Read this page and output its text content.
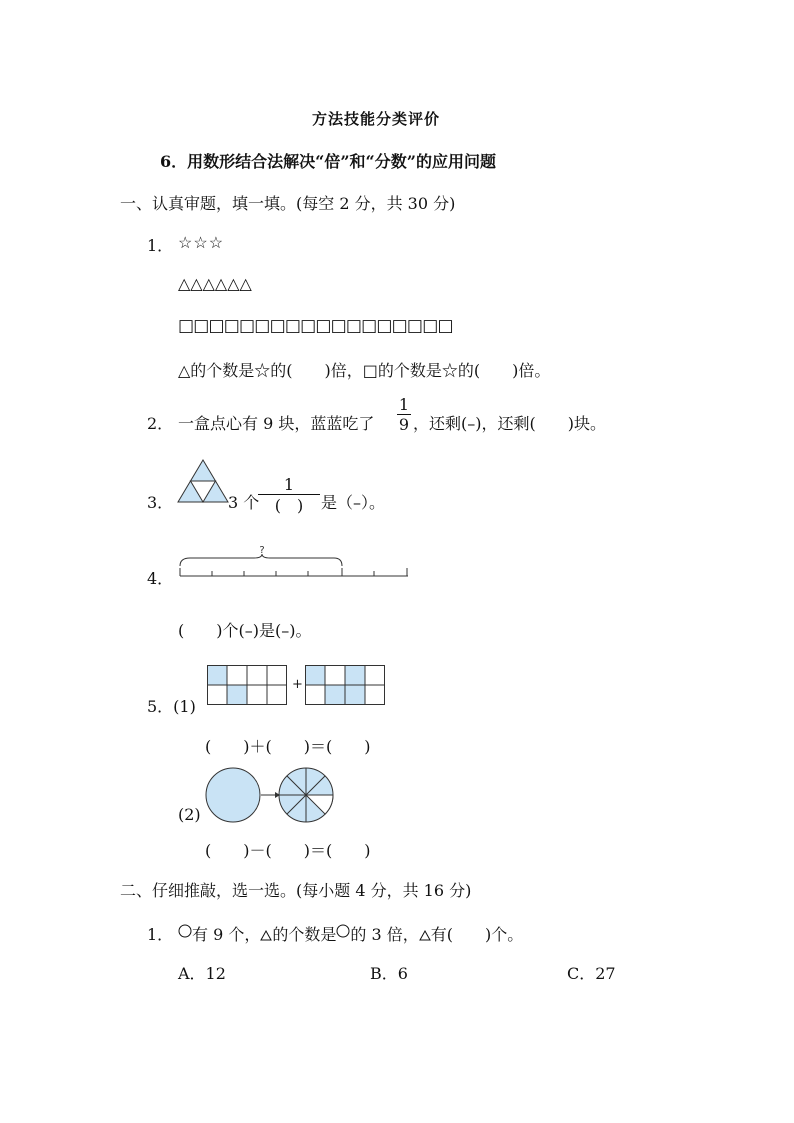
方法技能分类评价
6．用数形结合法解决“倍”和“分数”的应用问题
一、认真审题，填一填。(每空 2 分，共 30 分)
1． ☆☆☆
△△△△△△
□□□□□□□□□□□□□□□□□□
△的个数是☆的(　　)倍，□的个数是☆的(　　)倍。
2． 一盒点心有 9 块，蓝蓝吃了
1
9 ，还剩(–)，还剩(　　)块。
3．	3 个
1
(　)	是（–）。
4．
?
(　　)个(–)是(–)。
5．(1)
+
(　　)＋(　　)＝(　　)
(2)
(　　)－(　　)＝(　　)
二、仔细推敲，选一选。(每小题 4 分，共 16 分)
1． 有 9 个， 的个数是 的 3 倍， 有(　　)个。
A．12	B．6	C．27
